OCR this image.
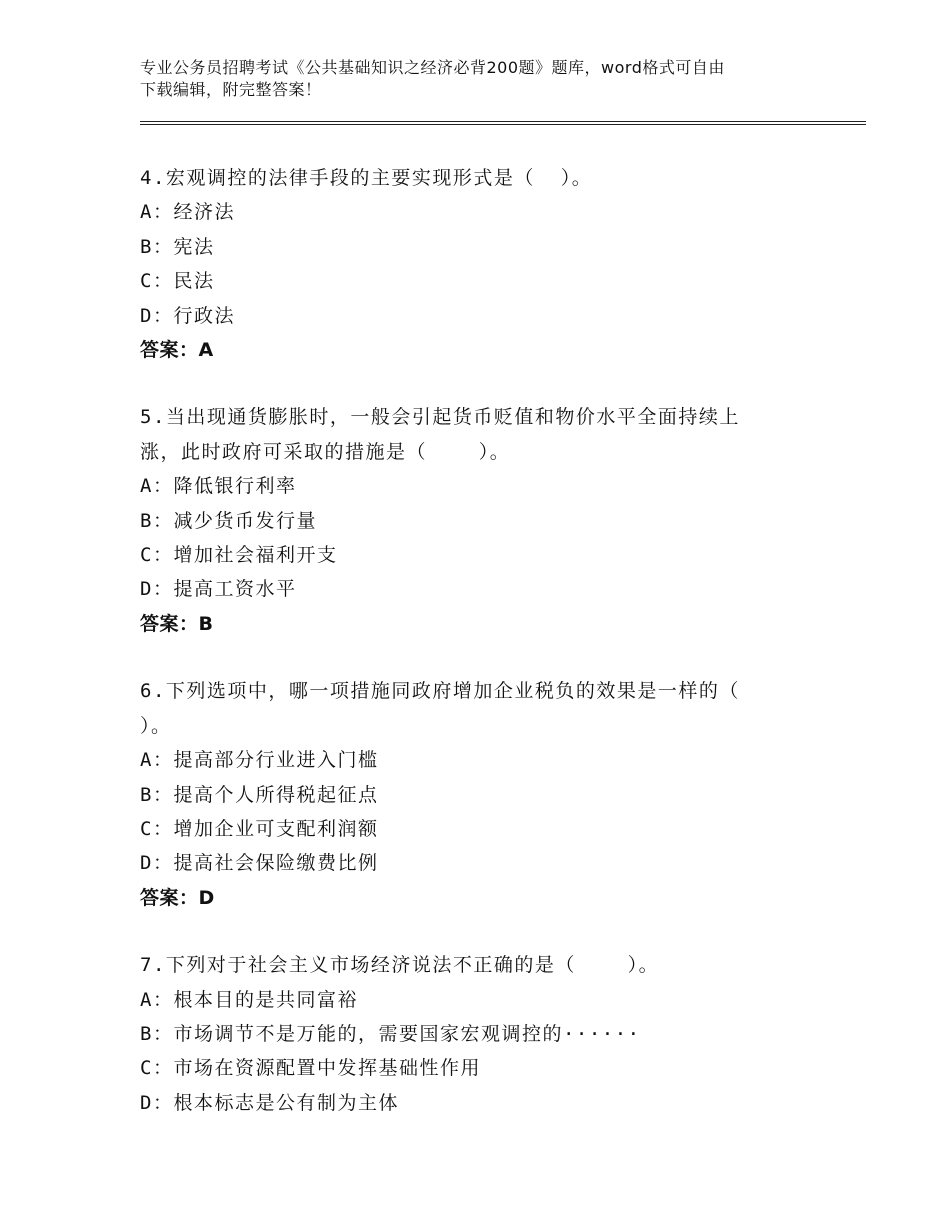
专业公务员招聘考试《公共基础知识之经济必背200题》题库，word格式可自由
下载编辑，附完整答案！
4.宏观调控的法律手段的主要实现形式是（  ）。
A：经济法
B：宪法
C：民法
D：行政法
答案：A
5.当出现通货膨胀时，一般会引起货币贬值和物价水平全面持续上
涨，此时政府可采取的措施是（    ）。
A：降低银行利率
B：减少货币发行量
C：增加社会福利开支
D：提高工资水平
答案：B
6.下列选项中，哪一项措施同政府增加企业税负的效果是一样的（
）。
A：提高部分行业进入门槛
B：提高个人所得税起征点
C：增加企业可支配利润额
D：提高社会保险缴费比例
答案：D
7.下列对于社会主义市场经济说法不正确的是（    ）。
A：根本目的是共同富裕
B：市场调节不是万能的，需要国家宏观调控的······
C：市场在资源配置中发挥基础性作用
D：根本标志是公有制为主体
